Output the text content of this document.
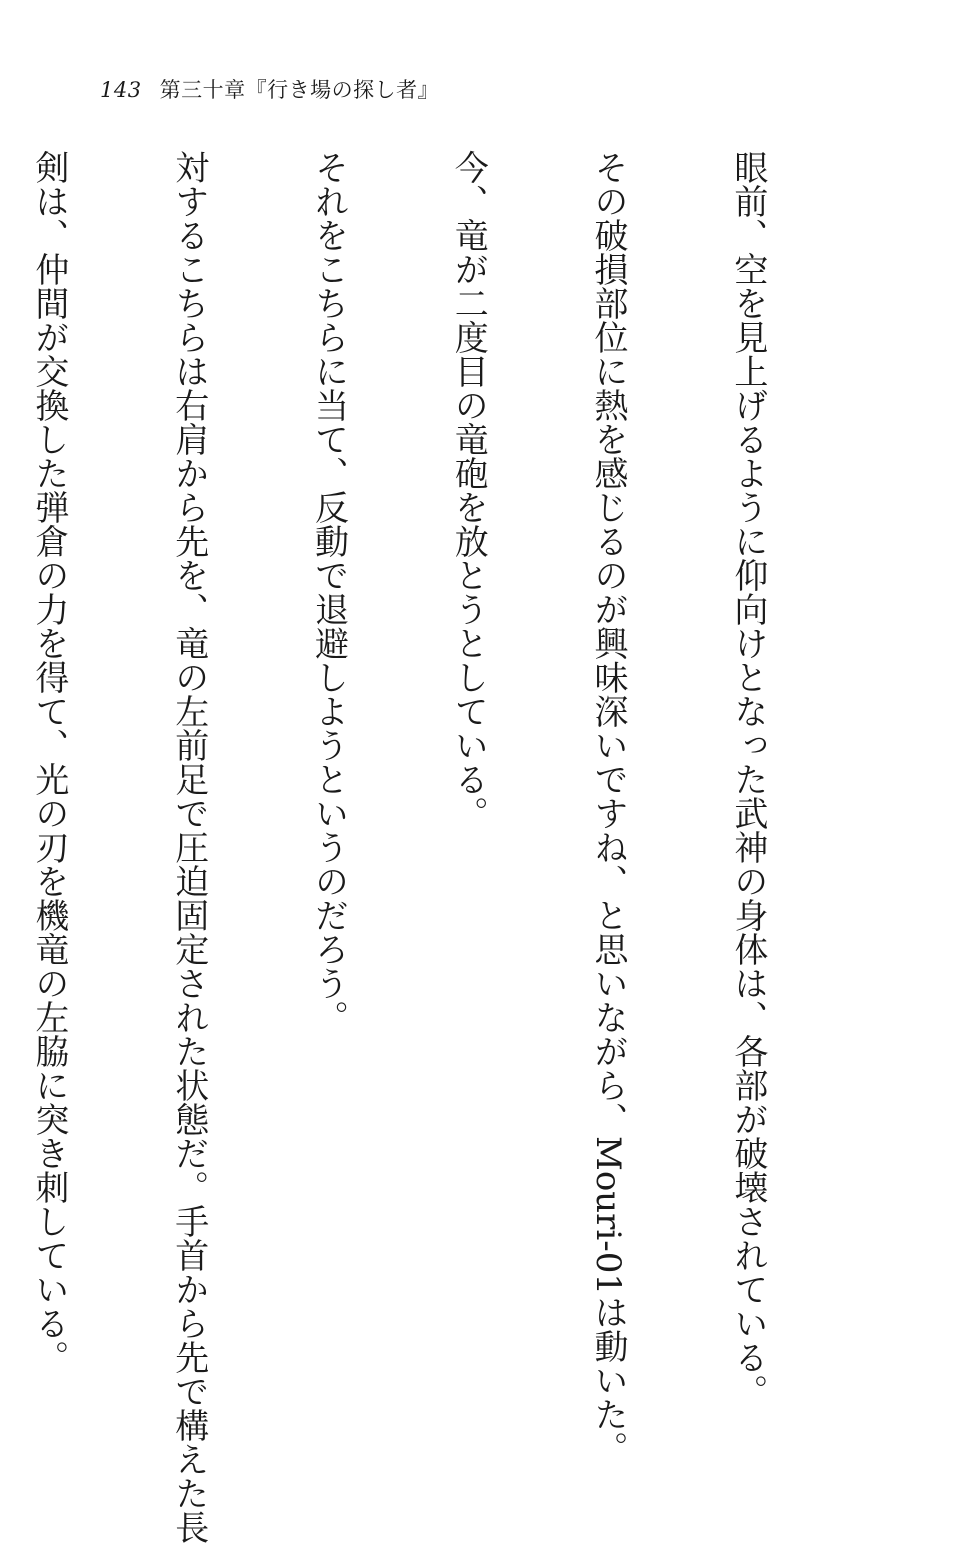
143 第三十章『行き場の探し者』

眼前、空を見上げるように仰向けとなった武神の身体は、各部が破壊されている。

その破損部位に熱を感じるのが興味深いですね、と思いながら、Mouri-01は動いた。

今、竜が二度目の竜砲を放とうとしている。

それをこちらに当て、反動で退避しようというのだろう。

対するこちらは右肩から先を、竜の左前足で圧迫固定された状態だ。手首から先で構えた長

剣は、仲間が交換した弾倉の力を得て、光の刃を機竜の左脇に突き刺している。
